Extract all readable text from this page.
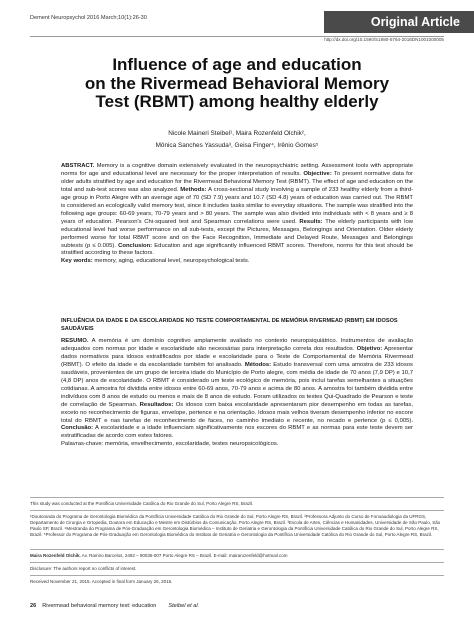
Dement Neuropsychol 2016 March;10(1):26-30	Original Article
http://dx.doi.org/10.1590/S1980-5764-2016DN1001000005
Influence of age and education
on the Rivermead Behavioral Memory
Test (RBMT) among healthy elderly
Nicole Maineri Steibel¹, Maira Rozenfeld Olchik²,
Mônica Sanches Yassuda³, Geisa Finger⁴, Irênio Gomes⁵

ABSTRACT. Memory is a cognitive domain extensively evaluated in the neuropsychiatric setting. Assessment tools with appropriate norms for age and educational level are necessary for the proper interpretation of results. Objective: To present normative data for older adults stratified by age and education for the Rivermead Behavioral Memory Test (RBMT). The effect of age and education on the total and sub-test scores was also analyzed. Methods: A cross-sectional study involving a sample of 233 healthy elderly from a third-age group in Porto Alegre with an average age of 70 (SD 7.9) years and 10.7 (SD 4.8) years of education was carried out. The RBMT is considered an ecologically valid memory test, since it includes tasks similar to everyday situations. The sample was stratified into the following age groups: 60-69 years, 70-79 years and > 80 years. The sample was also divided into individuals with < 8 years and ≥ 8 years of education. Pearson's Chi-squared test and Spearman correlations were used. Results: The elderly participants with low educational level had worse performance on all sub-tests, except the Pictures, Messages, Belongings and Orientation. Older elderly performed worse for total RBMT score and on the Face Recognition, Immediate and Delayed Route, Messages and Belongings subtests (p ≤ 0.005). Conclusion: Education and age significantly influenced RBMT scores. Therefore, norms for this test should be stratified according to these factors.
Key words: memory, aging, educational level, neuropsychological tests.

INFLUÊNCIA DA IDADE E DA ESCOLARIDADE NO TESTE COMPORTAMENTAL DE MEMÓRIA RIVERMEAD (RBMT) EM IDOSOS SAUDÁVEIS

RESUMO. A memória é um domínio cognitivo amplamente avaliado no contexto neuropsiquiátrico. Instrumentos de avaliação adequados com normas por idade e escolaridade são necessárias para interpretação correta dos resultados. Objetivo: Apresentar dados normativos para idosos estratificados por idade e escolaridade para o Teste de Comportamental de Memória Rivermead (RBMT). O efeito da idade e da escolaridade também foi analisado. Métodos: Estudo transversal com uma amostra de 233 idosos saudáveis, provenientes de um grupo de terceira idade do Município de Porto alegre, com média de idade de 70 anos (7,9 DP) e 10,7 (4,8 DP) anos de escolaridade. O RBMT é considerado um teste ecológico de memória, pois inclui tarefas semelhantes a situações cotidianas. A amostra foi dividida entre idosos entre 60-69 anos, 70-79 anos e acima de 80 anos. A amostra foi também dividida entre indivíduos com 8 anos de estudo ou menos e mais de 8 anos de estudo. Foram utilizados os testes Qui-Quadrado de Pearson e teste de correlação de Spearman. Resultados: Os idosos com baixa escolaridade apresentaram pior desempenho em todas as tarefas, exceto no reconhecimento de figuras, envelope, pertence e na orientação. Idosos mais velhos tiveram desempenho inferior no escore total do RBMT e nas tarefas de reconhecimento de faces, no caminho imediato e recente, no recado e pertence (p ≤ 0,005). Conclusão: A escolaridade e a idade influenciam significativamente nos escores do RBMT e as normas para este teste devem ser estratificadas de acordo com estes fatores.
Palavras-chave: memória, envelhecimento, escolaridade, testes neuropsicológicos.

This study was conducted at the Pontifícia Universidade Católica do Rio Grande do Sul, Porto Alegre RS, Brazil.

¹Doutoranda do Programa de Gerontologia Biomédica da Pontifícia Universidade Católica do Rio Grande do Sul, Porto Alegre RS, Brazil. ²Professora Adjunto do Curso de Fonoaudiologia da UFRGS, Departamento de Cirurgia e Ortopedia, Doutora em Educação e Mestre em Distúrbios da Comunicação, Porto Alegre RS, Brazil. ³Escola de Artes, Ciências e Humanidades, Universidade de São Paulo, São Paulo SP, Brazil. ⁴Mestranda do Programa de Pós-Graduação em Gerontologia Biomédica – Instituto de Geriatria e Gerontologia da Pontifícia Universidade Católica do Rio Grande do Sul, Porto Alegre RS, Brazil. ⁵Professor do Programa de Pós-Graduação em Gerontologia Biomédica do Instituto de Geriatria e Gerontologia da Pontifícia Universidade Católica do Rio Grande do Sul, Porto Alegre RS, Brazil.

Maira Rozenfeld Olchik. Av. Ramiro Barcelos, 2492 – 90035-007 Porto Alegre RS – Brazil. E-mail: mairarozenfeld@hotmail.com

Disclosure: The authors report no conflicts of interest.

Received November 21, 2015. Accepted in final form January 26, 2016.

26 Rivermead behavioral memory test: education Steibel et al.
